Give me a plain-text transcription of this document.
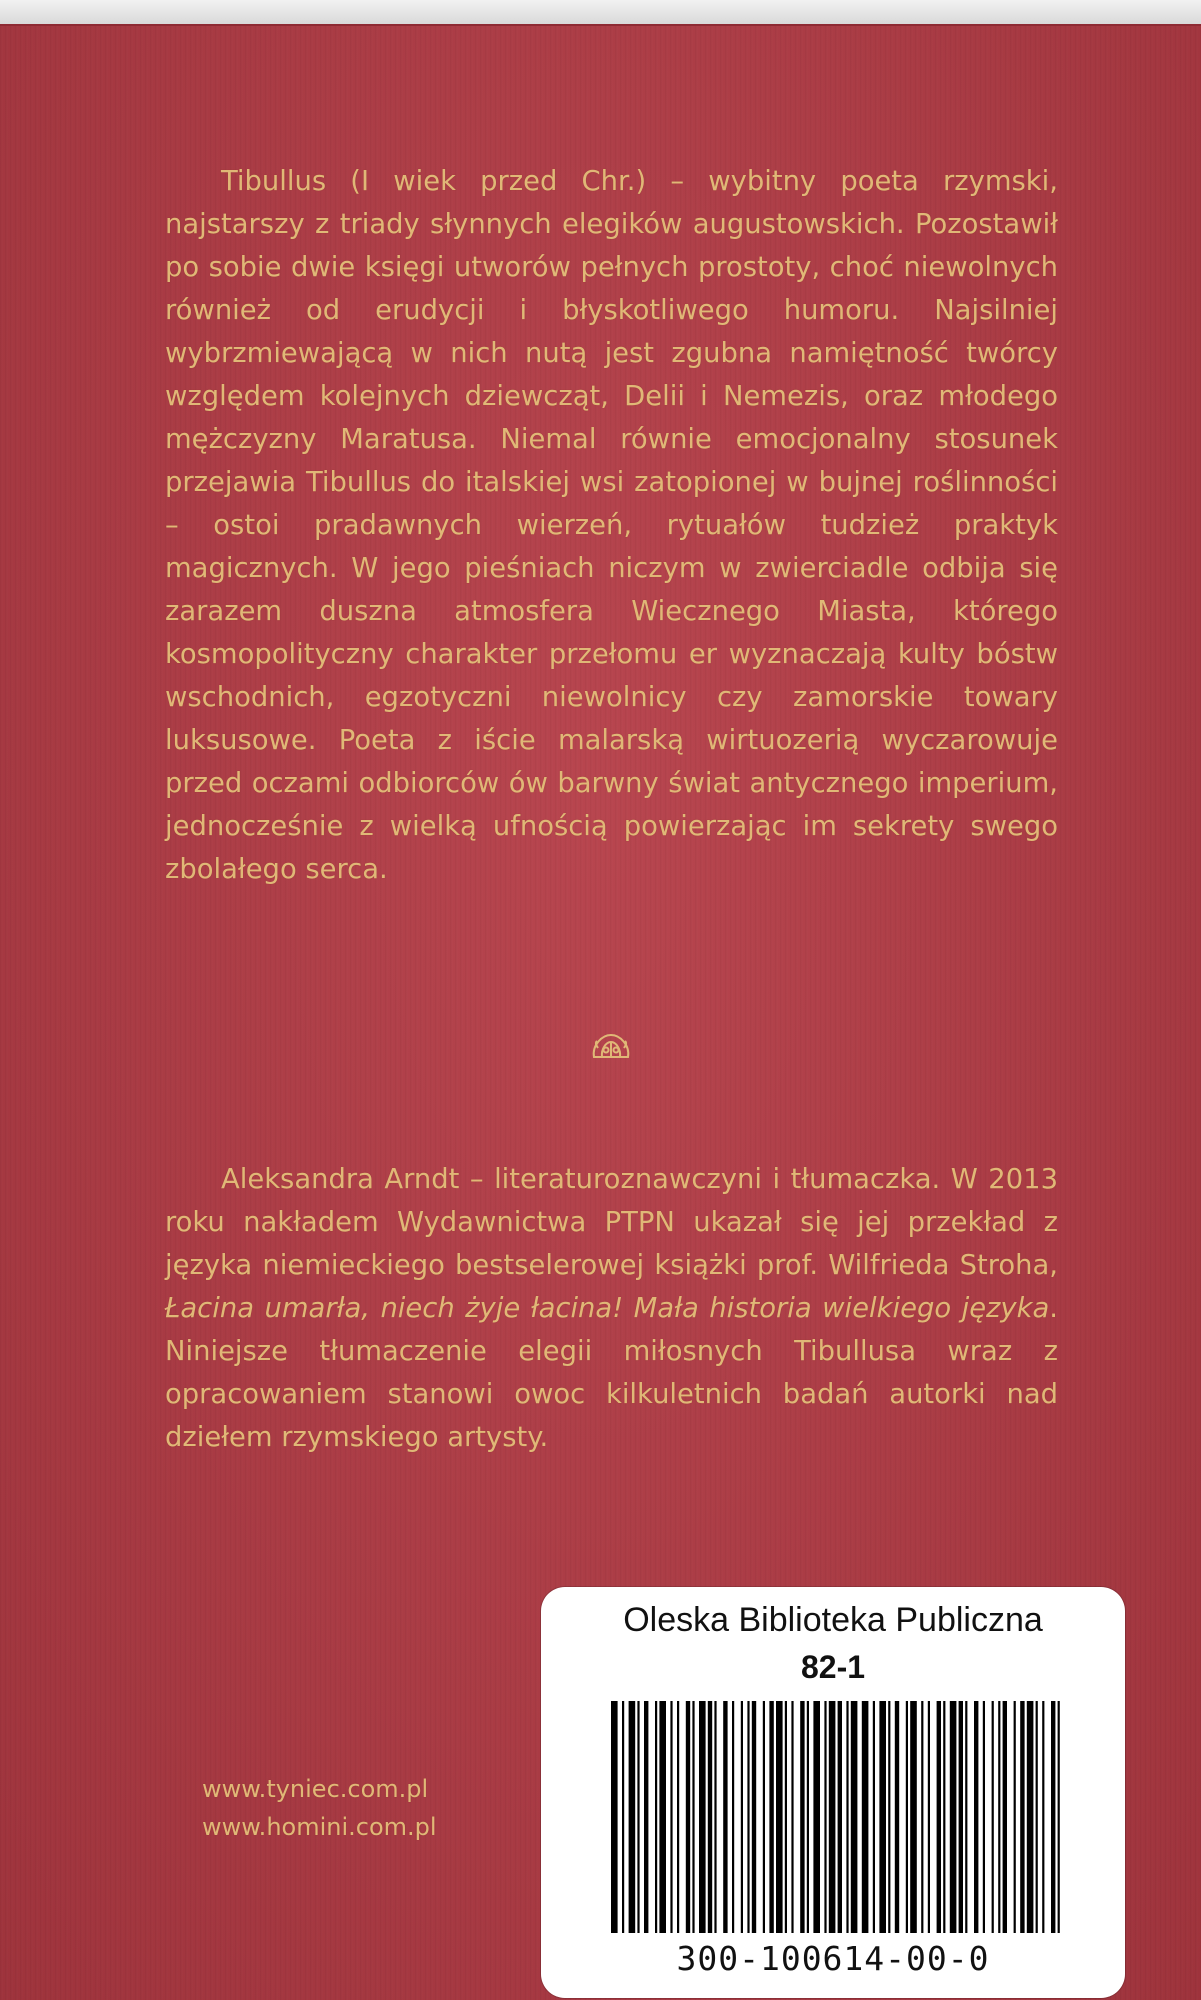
Tibullus (I wiek przed Chr.) – wybitny poeta rzymski, najstarszy z triady słynnych elegików augustowskich. Pozostawił po sobie dwie księgi utworów pełnych prostoty, choć niewolnych również od erudycji i błyskotliwego humoru. Najsilniej wybrzmiewającą w nich nutą jest zgubna namiętność twórcy względem kolejnych dziewcząt, Delii i Nemezis, oraz młodego mężczyzny Maratusa. Niemal równie emocjonalny stosunek przejawia Tibullus do italskiej wsi zatopionej w bujnej roślinności – ostoi pradawnych wierzeń, rytuałów tudzież praktyk magicznych. W jego pieśniach niczym w zwierciadle odbija się zarazem duszna atmosfera Wiecznego Miasta, którego kosmopolityczny charakter przełomu er wyznaczają kulty bóstw wschodnich, egzotyczni niewolnicy czy zamorskie towary luksusowe. Poeta z iście malarską wirtuozerią wyczarowuje przed oczami odbiorców ów barwny świat antycznego imperium, jednocześnie z wielką ufnością powierzając im sekrety swego zbolałego serca.

Aleksandra Arndt – literaturoznawczyni i tłumaczka. W 2013 roku nakładem Wydawnictwa PTPN ukazał się jej przekład z języka niemieckiego bestselerowej książki prof. Wilfrieda Stroha, Łacina umarła, niech żyje łacina! Mała historia wielkiego języka. Niniejsze tłumaczenie elegii miłosnych Tibullusa wraz z opracowaniem stanowi owoc kilkuletnich badań autorki nad dziełem rzymskiego artysty.

www.tyniec.com.pl
www.homini.com.pl
Oleska Biblioteka Publiczna
82-1
300-100614-00-0
